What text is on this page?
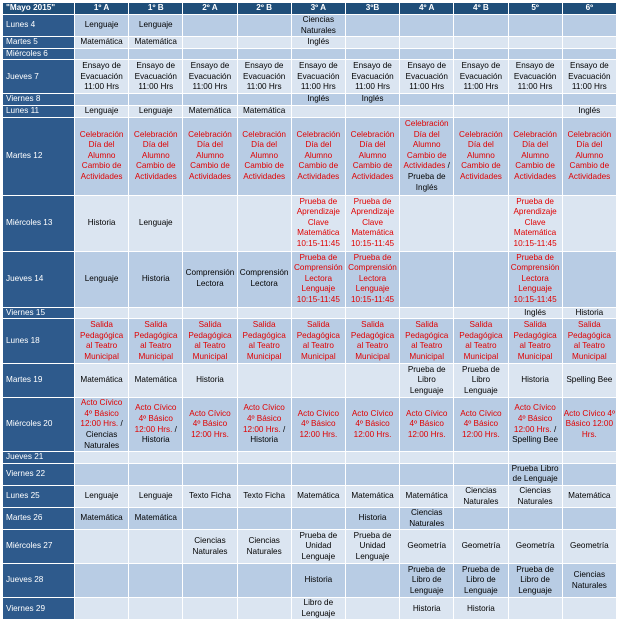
"Mayo 2015"	1º A	1º B	2º A	2º B	3º A	3ºB	4º A	4º B	5º	6º
Lunes 4	Lenguaje	Lenguaje			Ciencias Naturales					
Martes 5	Matemática	Matemática			Inglés					
Miércoles 6										
Jueves 7	Ensayo de Evacuación 11:00 Hrs	Ensayo de Evacuación 11:00 Hrs	Ensayo de Evacuación 11:00 Hrs	Ensayo de Evacuación 11:00 Hrs	Ensayo de Evacuación 11:00 Hrs	Ensayo de Evacuación 11:00 Hrs	Ensayo de Evacuación 11:00 Hrs	Ensayo de Evacuación 11:00 Hrs	Ensayo de Evacuación 11:00 Hrs	Ensayo de Evacuación 11:00 Hrs
Viernes 8					Inglés	Inglés				
Lunes 11	Lenguaje	Lenguaje	Matemática	Matemática						Inglés
Martes 12	Celebración Día del Alumno Cambio de Actividades	Celebración Día del Alumno Cambio de Actividades	Celebración Día del Alumno Cambio de Actividades	Celebración Día del Alumno Cambio de Actividades	Celebración Día del Alumno Cambio de Actividades	Celebración Día del Alumno Cambio de Actividades	Celebración Día del Alumno Cambio de Actividades / Prueba de Inglés	Celebración Día del Alumno Cambio de Actividades	Celebración Día del Alumno Cambio de Actividades	Celebración Día del Alumno Cambio de Actividades
Miércoles 13	Historia	Lenguaje			Prueba de Aprendizaje Clave Matemática 10:15-11:45	Prueba de Aprendizaje Clave Matemática 10:15-11:45			Prueba de Aprendizaje Clave Matemática 10:15-11:45	
Jueves 14	Lenguaje	Historia	Comprensión Lectora	Comprensión Lectora	Prueba de Comprensión Lectora Lenguaje 10:15-11:45	Prueba de Comprensión Lectora Lenguaje 10:15-11:45			Prueba de Comprensión Lectora Lenguaje 10:15-11:45	
Viernes 15									Inglés	Historia
Lunes 18	Salida Pedagógica al Teatro Municipal	Salida Pedagógica al Teatro Municipal	Salida Pedagógica al Teatro Municipal	Salida Pedagógica al Teatro Municipal	Salida Pedagógica al Teatro Municipal	Salida Pedagógica al Teatro Municipal	Salida Pedagógica al Teatro Municipal	Salida Pedagógica al Teatro Municipal	Salida Pedagógica al Teatro Municipal	Salida Pedagógica al Teatro Municipal
Martes 19	Matemática	Matemática	Historia				Prueba de Libro Lenguaje	Prueba de Libro Lenguaje	Historia	Spelling Bee
Miércoles 20	Acto Cívico 4º Básico 12:00 Hrs. / Ciencias Naturales	Acto Cívico 4º Básico 12:00 Hrs. / Historia	Acto Cívico 4º Básico 12:00 Hrs.	Acto Cívico 4º Básico 12:00 Hrs. / Historia	Acto Cívico 4º Básico 12:00 Hrs.	Acto Cívico 4º Básico 12:00 Hrs.	Acto Cívico 4º Básico 12:00 Hrs.	Acto Cívico 4º Básico 12:00 Hrs.	Acto Cívico 4º Básico 12:00 Hrs. / Spelling Bee	Acto Cívico 4º Básico 12:00 Hrs.
Jueves 21										
Viernes 22									Prueba Libro de Lenguaje	
Lunes 25	Lenguaje	Lenguaje	Texto Ficha	Texto Ficha	Matemática	Matemática	Matemática	Ciencias Naturales	Ciencias Naturales	Matemática
Martes 26	Matemática	Matemática				Historia	Ciencias Naturales			
Miércoles 27			Ciencias Naturales	Ciencias Naturales	Prueba de Unidad Lenguaje	Prueba de Unidad Lenguaje	Geometría	Geometría	Geometría	Geometría
Jueves 28					Historia		Prueba de Libro de Lenguaje	Prueba de Libro de Lenguaje	Prueba de Libro de Lenguaje	Ciencias Naturales
Viernes 29					Libro de Lenguaje		Historia	Historia		
